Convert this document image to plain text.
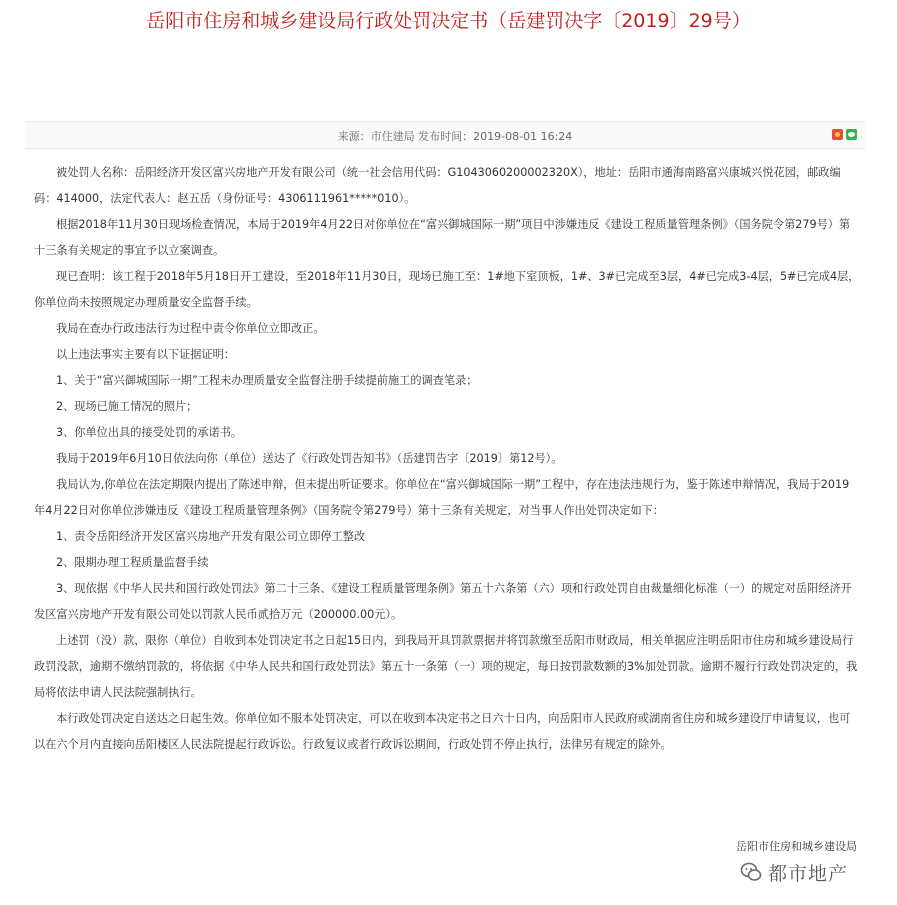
岳阳市住房和城乡建设局行政处罚决定书（岳建罚决字〔2019〕29号）
来源：市住建局 发布时间：2019-08-01 16:24

被处罚人名称：岳阳经济开发区富兴房地产开发有限公司（统一社会信用代码：G1043060200002320X），地址：岳阳市通海南路富兴康城兴悦花园，邮政编码：414000，法定代表人：赵五岳（身份证号：4306111961*****010）。

根据2018年11月30日现场检查情况，本局于2019年4月22日对你单位在“富兴御城国际一期”项目中涉嫌违反《建设工程质量管理条例》（国务院令第279号）第十三条有关规定的事宜予以立案调查。

现已查明：该工程于2018年5月18日开工建设，至2018年11月30日，现场已施工至：1#地下室顶板，1#、3#已完成至3层，4#已完成3-4层，5#已完成4层，你单位尚未按照规定办理质量安全监督手续。

我局在查办行政违法行为过程中责令你单位立即改正。

以上违法事实主要有以下证据证明：

1、关于“富兴御城国际一期”工程未办理质量安全监督注册手续提前施工的调查笔录；

2、现场已施工情况的照片；

3、你单位出具的接受处罚的承诺书。

我局于2019年6月10日依法向你（单位）送达了《行政处罚告知书》（岳建罚告字〔2019〕第12号）。

我局认为,你单位在法定期限内提出了陈述申辩，但未提出听证要求。你单位在“富兴御城国际一期”工程中，存在违法违规行为，鉴于陈述申辩情况，我局于2019年4月22日对你单位涉嫌违反《建设工程质量管理条例》（国务院令第279号）第十三条有关规定，对当事人作出处罚决定如下：

1、责令岳阳经济开发区富兴房地产开发有限公司立即停工整改

2、限期办理工程质量监督手续

3、现依据《中华人民共和国行政处罚法》第二十三条、《建设工程质量管理条例》第五十六条第（六）项和行政处罚自由裁量细化标准（一）的规定对岳阳经济开发区富兴房地产开发有限公司处以罚款人民币贰拾万元（200000.00元）。

上述罚（没）款，限你（单位）自收到本处罚决定书之日起15日内，到我局开具罚款票据并将罚款缴至岳阳市财政局，相关单据应注明岳阳市住房和城乡建设局行政罚没款，逾期不缴纳罚款的，将依据《中华人民共和国行政处罚法》第五十一条第（一）项的规定，每日按罚款数额的3%加处罚款。逾期不履行行政处罚决定的，我局将依法申请人民法院强制执行。

本行政处罚决定自送达之日起生效。你单位如不服本处罚决定，可以在收到本决定书之日六十日内，向岳阳市人民政府或湖南省住房和城乡建设厅申请复议，也可以在六个月内直接向岳阳楼区人民法院提起行政诉讼。行政复议或者行政诉讼期间，行政处罚不停止执行，法律另有规定的除外。

岳阳市住房和城乡建设局
都市地产
